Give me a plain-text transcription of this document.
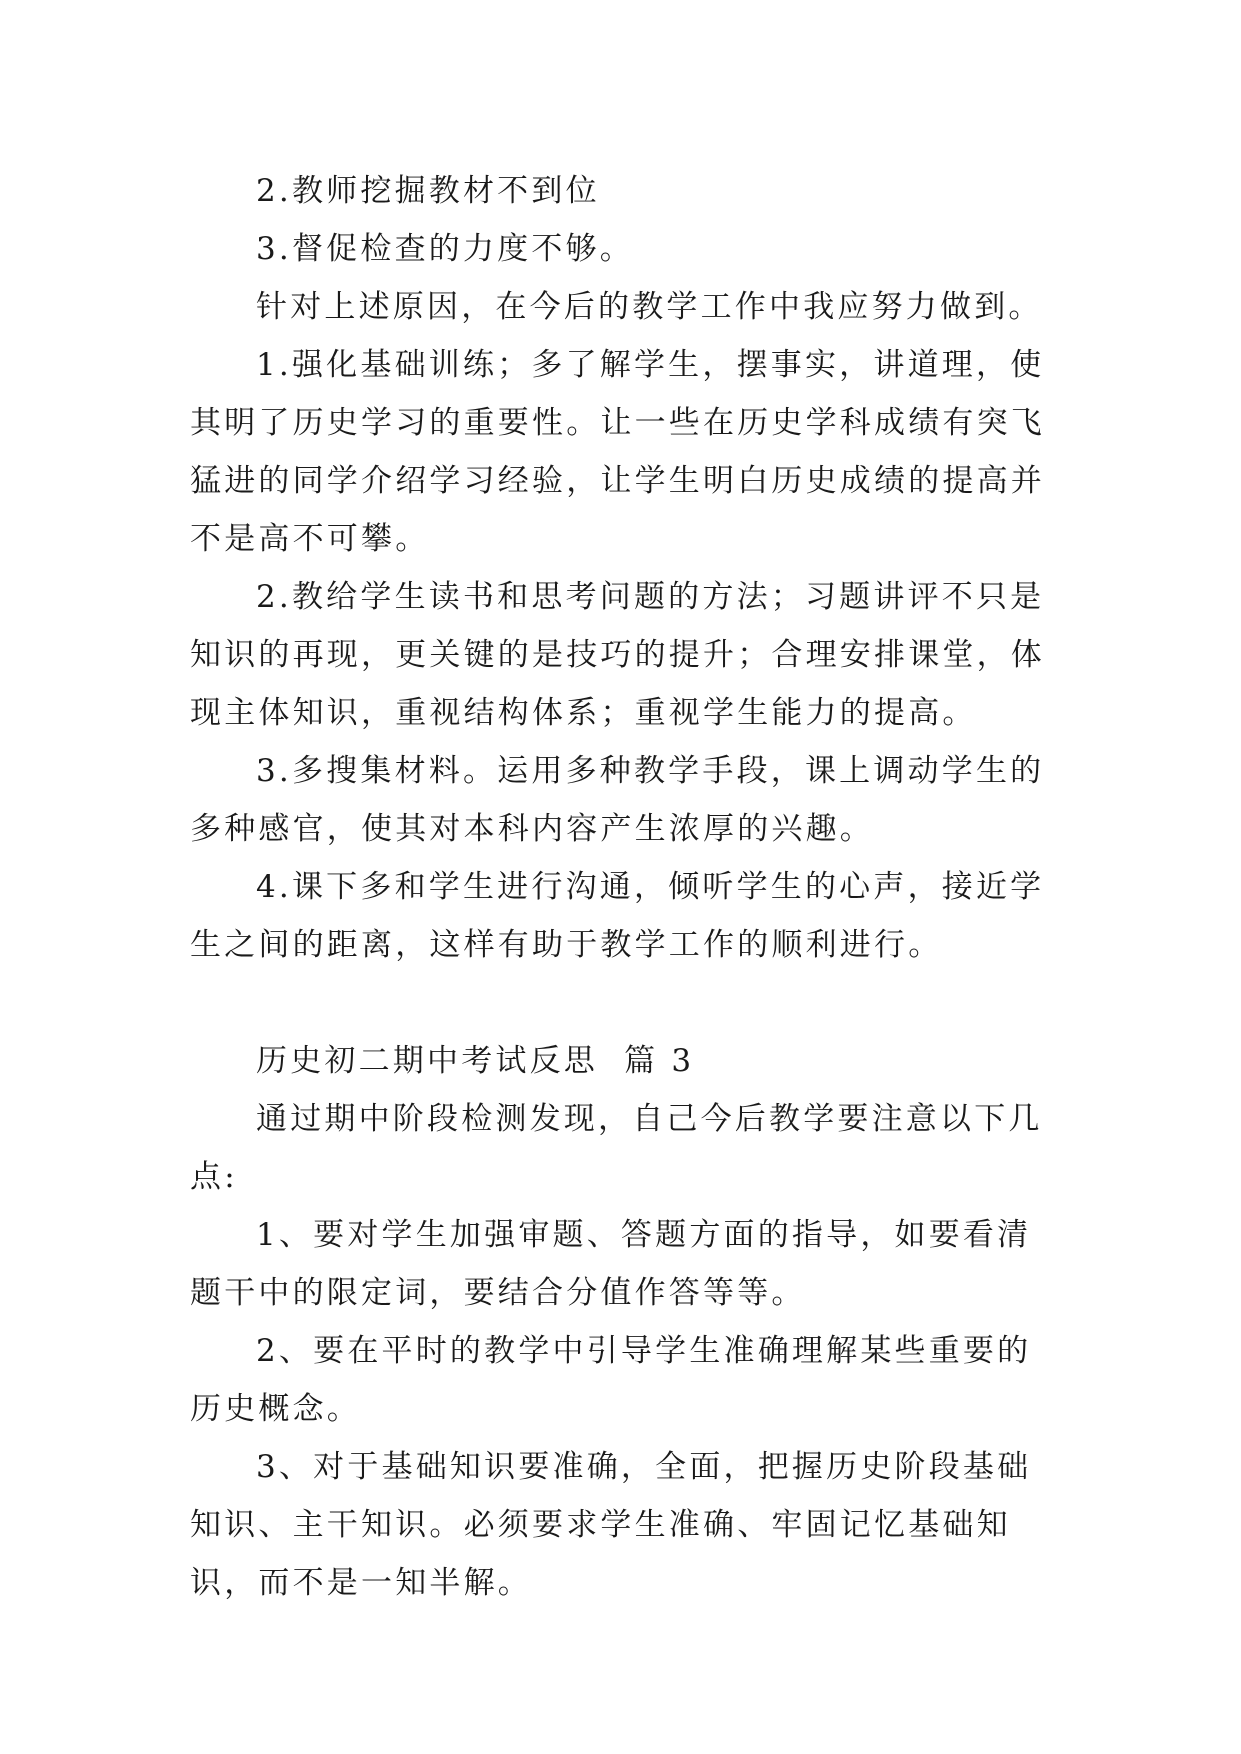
2.教师挖掘教材不到位

3.督促检查的力度不够。

针对上述原因，在今后的教学工作中我应努力做到。

1.强化基础训练；多了解学生，摆事实，讲道理，使其明了历史学习的重要性。让一些在历史学科成绩有突飞猛进的同学介绍学习经验，让学生明白历史成绩的提高并不是高不可攀。

2.教给学生读书和思考问题的方法；习题讲评不只是知识的再现，更关键的是技巧的提升；合理安排课堂，体现主体知识，重视结构体系；重视学生能力的提高。

3.多搜集材料。运用多种教学手段，课上调动学生的多种感官，使其对本科内容产生浓厚的兴趣。

4.课下多和学生进行沟通，倾听学生的心声，接近学生之间的距离，这样有助于教学工作的顺利进行。

历史初二期中考试反思  篇 3

通过期中阶段检测发现，自己今后教学要注意以下几点:

1、要对学生加强审题、答题方面的指导，如要看清题干中的限定词，要结合分值作答等等。

2、要在平时的教学中引导学生准确理解某些重要的历史概念。

3、对于基础知识要准确，全面，把握历史阶段基础知识、主干知识。必须要求学生准确、牢固记忆基础知识，而不是一知半解。
